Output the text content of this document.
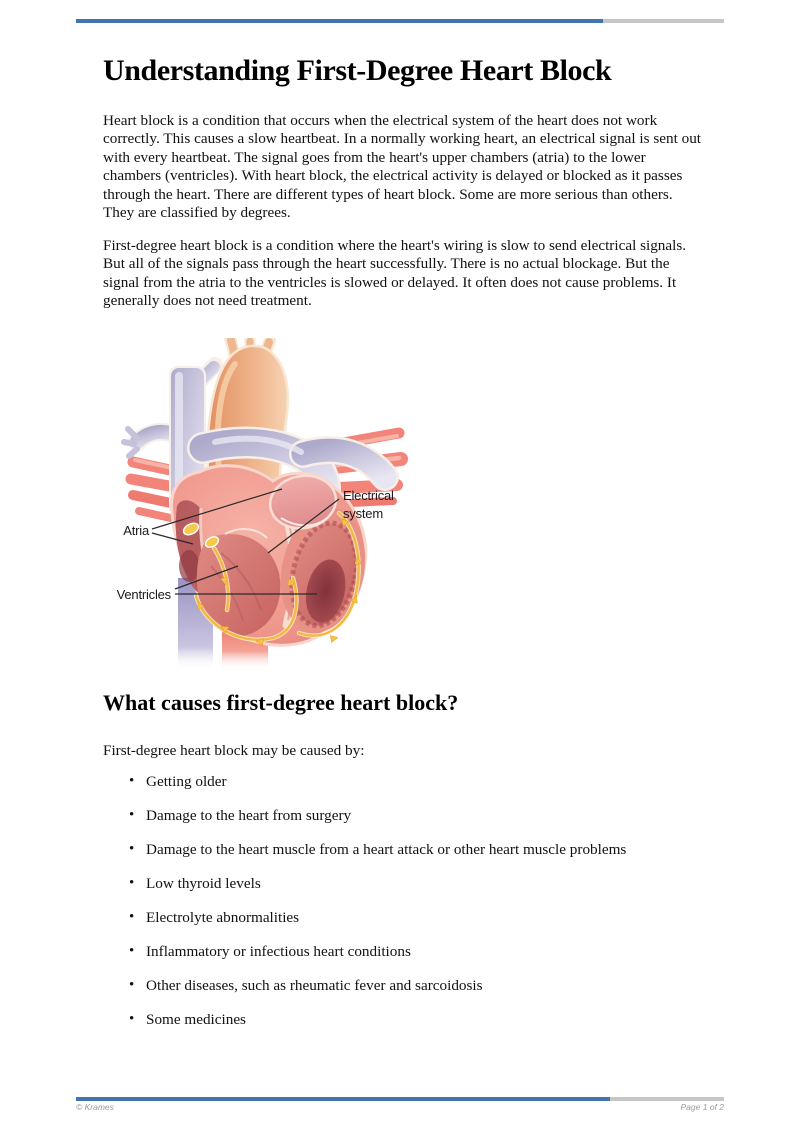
Understanding First-Degree Heart Block

Heart block is a condition that occurs when the electrical system of the heart does not work correctly. This causes a slow heartbeat. In a normally working heart, an electrical signal is sent out with every heartbeat. The signal goes from the heart's upper chambers (atria) to the lower chambers (ventricles). With heart block, the electrical activity is delayed or blocked as it passes through the heart. There are different types of heart block. Some are more serious than others. They are classified by degrees.

First-degree heart block is a condition where the heart's wiring is slow to send electrical signals. But all of the signals pass through the heart successfully. There is no actual blockage. But the signal from the atria to the ventricles is slowed or delayed. It often does not cause problems. It generally does not need treatment.

Atria
Electrical
system
Ventricles
What causes first-degree heart block?

First-degree heart block may be caused by:

• Getting older
• Damage to the heart from surgery
• Damage to the heart muscle from a heart attack or other heart muscle problems
• Low thyroid levels
• Electrolyte abnormalities
• Inflammatory or infectious heart conditions
• Other diseases, such as rheumatic fever and sarcoidosis
• Some medicines
© Krames	Page 1 of 2
